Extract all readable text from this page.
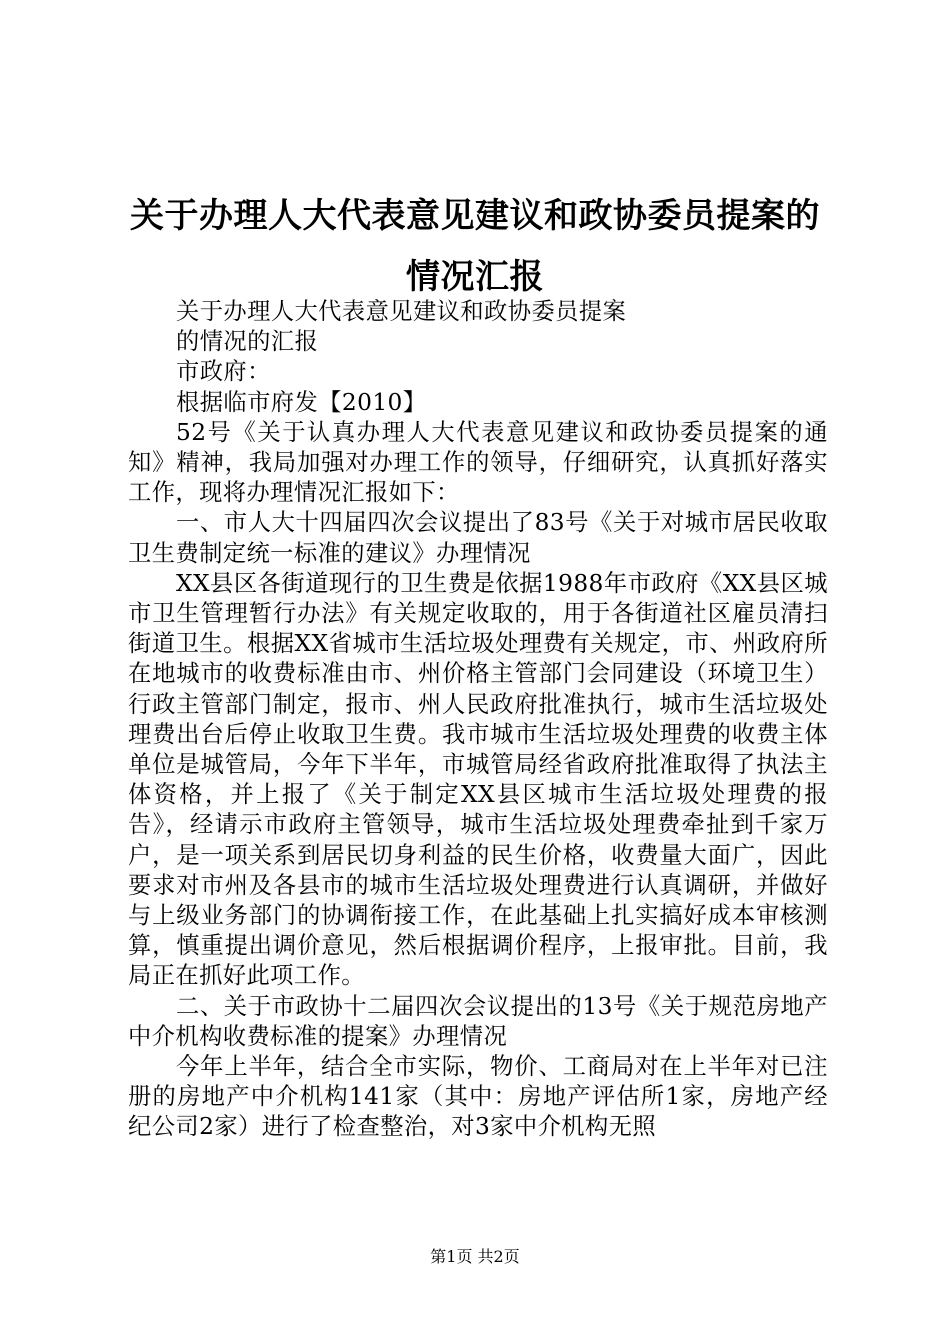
关于办理人大代表意见建议和政协委员提案的
情况汇报

关于办理人大代表意见建议和政协委员提案

的情况的汇报

市政府：

根据临市府发【2010】

52号《关于认真办理人大代表意见建议和政协委员提案的通知》精神，我局加强对办理工作的领导，仔细研究，认真抓好落实工作，现将办理情况汇报如下：

一、市人大十四届四次会议提出了83号《关于对城市居民收取卫生费制定统一标准的建议》办理情况

XX县区各街道现行的卫生费是依据1988年市政府《XX县区城市卫生管理暂行办法》有关规定收取的，用于各街道社区雇员清扫街道卫生。根据XX省城市生活垃圾处理费有关规定，市、州政府所在地城市的收费标准由市、州价格主管部门会同建设（环境卫生）行政主管部门制定，报市、州人民政府批准执行，城市生活垃圾处理费出台后停止收取卫生费。我市城市生活垃圾处理费的收费主体单位是城管局，今年下半年，市城管局经省政府批准取得了执法主体资格，并上报了《关于制定XX县区城市生活垃圾处理费的报告》，经请示市政府主管领导，城市生活垃圾处理费牵扯到千家万户，是一项关系到居民切身利益的民生价格，收费量大面广，因此要求对市州及各县市的城市生活垃圾处理费进行认真调研，并做好与上级业务部门的协调衔接工作，在此基础上扎实搞好成本审核测算，慎重提出调价意见，然后根据调价程序，上报审批。目前，我局正在抓好此项工作。

二、关于市政协十二届四次会议提出的13号《关于规范房地产中介机构收费标准的提案》办理情况

今年上半年，结合全市实际，物价、工商局对在上半年对已注册的房地产中介机构141家（其中：房地产评估所1家，房地产经纪公司2家）进行了检查整治，对3家中介机构无照

第1页 共2页
